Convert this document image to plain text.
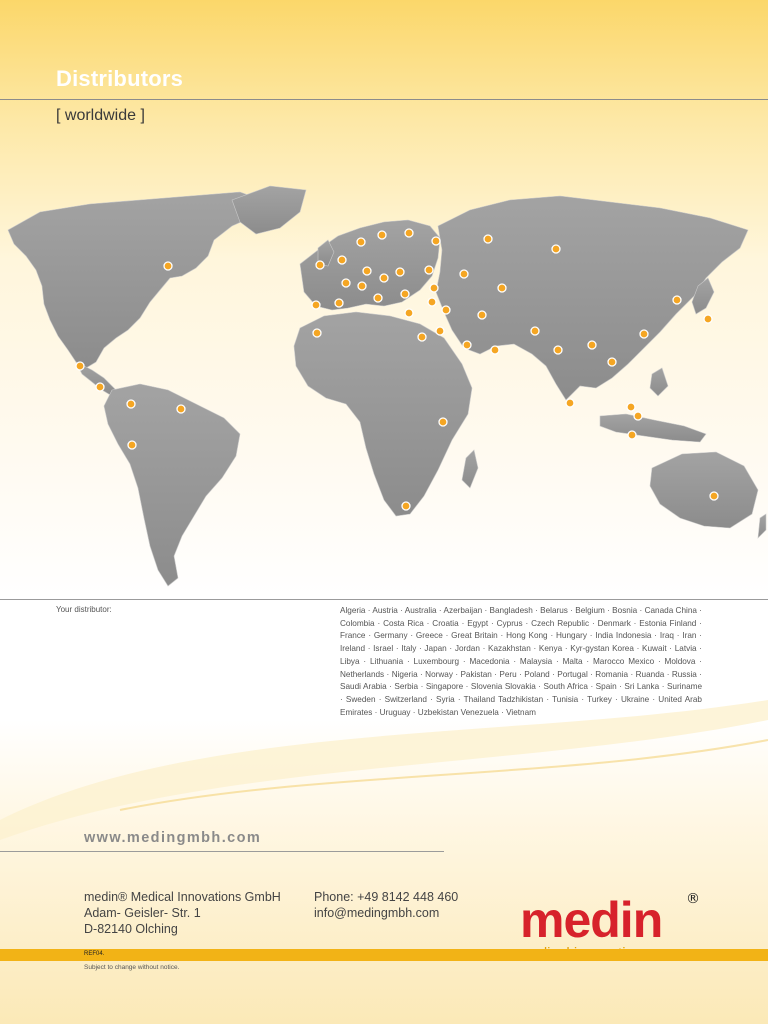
Distributors
[ worldwide ]
Your distributor:	Algeria · Austria · Australia · Azerbaijan · Bangladesh · Belarus · Belgium · Bosnia · Canada China · Colombia · Costa Rica · Croatia · Egypt · Cyprus · Czech Republic · Denmark · Estonia Finland · France · Germany · Greece · Great Britain · Hong Kong · Hungary · India Indonesia · Iraq · Iran · Ireland · Israel · Italy · Japan · Jordan · Kazakhstan · Kenya · Kyr-gystan Korea · Kuwait · Latvia · Libya · Lithuania · Luxembourg · Macedonia · Malaysia · Malta · Marocco Mexico · Moldova · Netherlands · Nigeria · Norway · Pakistan · Peru · Poland · Portugal · Romania · Ruanda · Russia · Saudi Arabia · Serbia · Singapore · Slovenia Slovakia · South Africa · Spain · Sri Lanka · Suriname · Sweden · Switzerland · Syria · Thailand Tadzhikistan · Tunisia · Turkey · Ukraine · United Arab Emirates · Uruguay · Uzbekistan Venezuela · Vietnam
www.medingmbh.com
medin® Medical Innovations GmbH
Adam- Geisler- Str. 1
D-82140 Olching
Phone: +49 8142 448 460
info@medingmbh.com	medin ®
REF04.
Subject to change without notice.
